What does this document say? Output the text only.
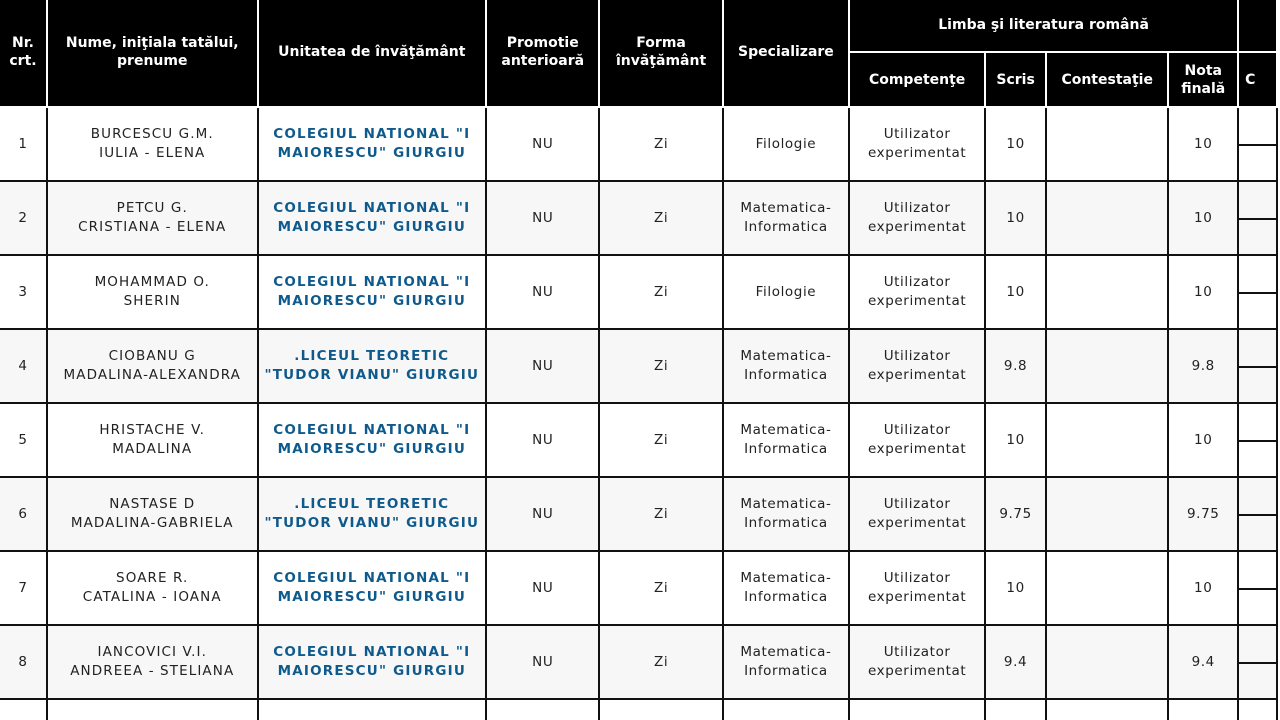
Nr. crt.	Nume, iniţiala tatălui, prenume	Unitatea de învăţământ	Promotie anterioară	Forma învăţământ	Specializare	Limba şi literatura română				
						Competenţe	Scris	Contestaţie	Nota finală	C
1	BURCESCU G.M.
IULIA - ELENA	COLEGIUL NATIONAL "I MAIORESCU" GIURGIU	NU	Zi	Filologie	Utilizator
experimentat	10		10	

2	PETCU G.
CRISTIANA - ELENA	COLEGIUL NATIONAL "I MAIORESCU" GIURGIU	NU	Zi	Matematica-
Informatica	Utilizator
experimentat	10		10	

3	MOHAMMAD O.
SHERIN	COLEGIUL NATIONAL "I MAIORESCU" GIURGIU	NU	Zi	Filologie	Utilizator
experimentat	10		10	

4	CIOBANU G
MADALINA-ALEXANDRA	.LICEUL TEORETIC "TUDOR VIANU" GIURGIU	NU	Zi	Matematica-
Informatica	Utilizator
experimentat	9.8		9.8	

5	HRISTACHE V.
MADALINA	COLEGIUL NATIONAL "I MAIORESCU" GIURGIU	NU	Zi	Matematica-
Informatica	Utilizator
experimentat	10		10	

6	NASTASE D
MADALINA-GABRIELA	.LICEUL TEORETIC "TUDOR VIANU" GIURGIU	NU	Zi	Matematica-
Informatica	Utilizator
experimentat	9.75		9.75	

7	SOARE R.
CATALINA - IOANA	COLEGIUL NATIONAL "I MAIORESCU" GIURGIU	NU	Zi	Matematica-
Informatica	Utilizator
experimentat	10		10	

8	IANCOVICI V.I.
ANDREEA - STELIANA	COLEGIUL NATIONAL "I MAIORESCU" GIURGIU	NU	Zi	Matematica-
Informatica	Utilizator
experimentat	9.4		9.4	
